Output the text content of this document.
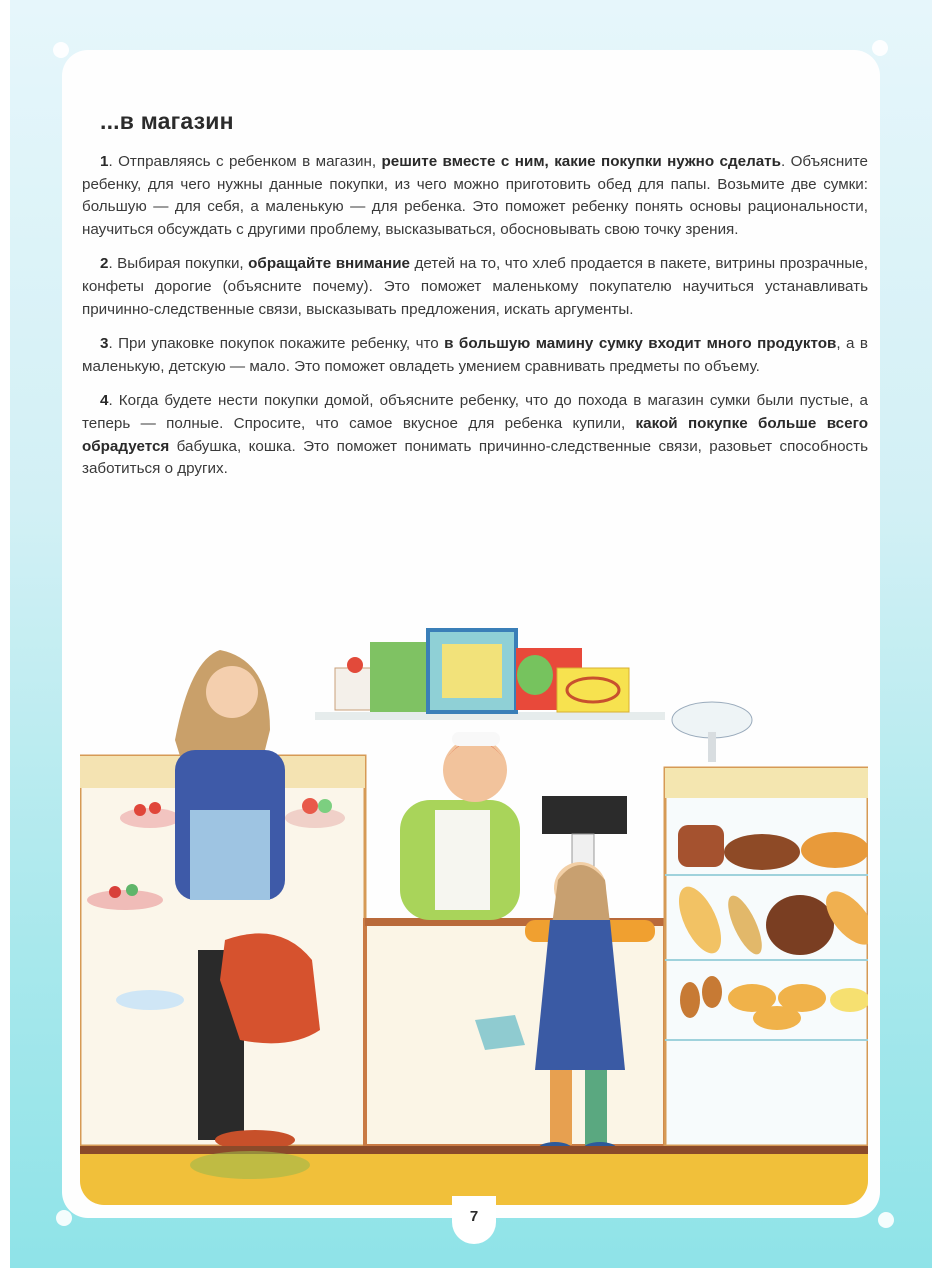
...в магазин

1. Отправляясь с ребенком в магазин, решите вместе с ним, какие покупки нужно сделать. Объясните ребенку, для чего нужны данные покупки, из чего можно приготовить обед для папы. Возьмите две сумки: большую — для себя, а маленькую — для ребенка. Это поможет ребенку понять основы рациональности, научиться обсуждать с другими проблему, высказываться, обосновывать свою точку зрения.

2. Выбирая покупки, обращайте внимание детей на то, что хлеб продается в пакете, витрины прозрачные, конфеты дорогие (объясните почему). Это поможет маленькому покупателю научиться устанавливать причинно-следственные связи, высказывать предложения, искать аргументы.

3. При упаковке покупок покажите ребенку, что в большую мамину сумку входит много продуктов, а в маленькую, детскую — мало. Это поможет овладеть умением сравнивать предметы по объему.

4. Когда будете нести покупки домой, объясните ребенку, что до похода в магазин сумки были пустые, а теперь — полные. Спросите, что самое вкусное для ребенка купили, какой покупке больше всего обрадуется бабушка, кошка. Это поможет понимать причинно-следственные связи, разовьет способность заботиться о других.

7
